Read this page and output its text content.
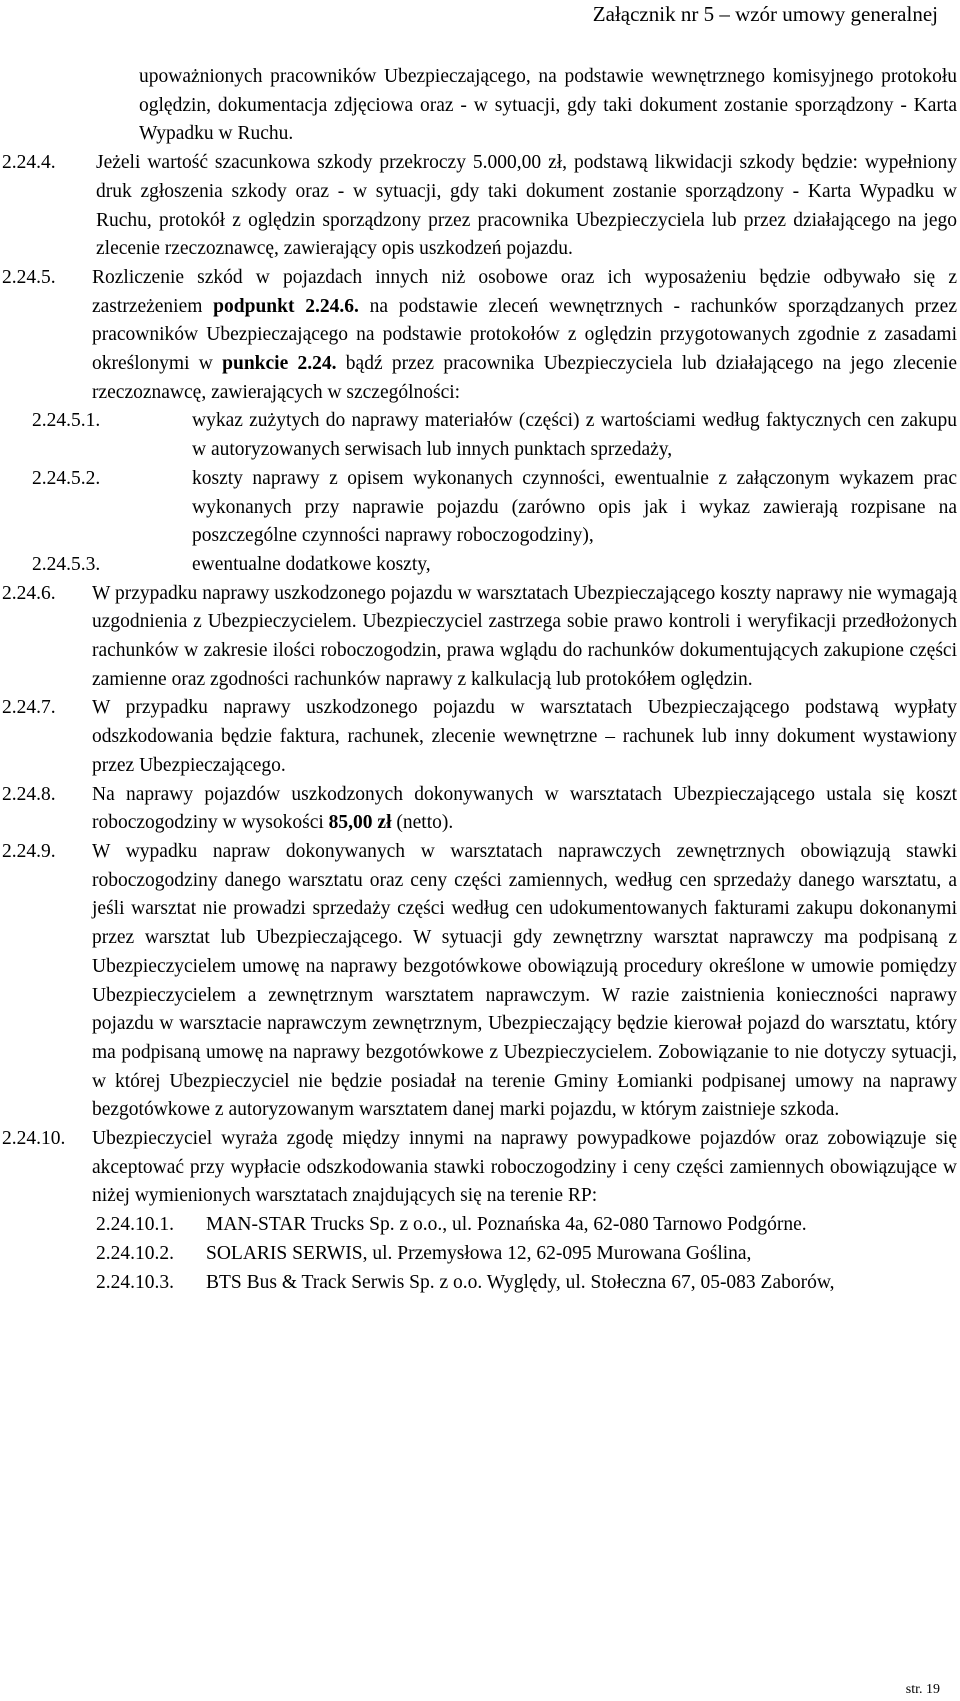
Załącznik nr 5 – wzór umowy generalnej

upoważnionych pracowników Ubezpieczającego, na podstawie wewnętrznego komisyjnego protokołu oględzin, dokumentacja zdjęciowa oraz - w sytuacji, gdy taki dokument zostanie sporządzony - Karta Wypadku w Ruchu.

2.24.4.	Jeżeli wartość szacunkowa szkody przekroczy 5.000,00 zł, podstawą likwidacji szkody będzie: wypełniony druk zgłoszenia szkody oraz - w sytuacji, gdy taki dokument zostanie sporządzony - Karta Wypadku w Ruchu, protokół z oględzin sporządzony przez pracownika Ubezpieczyciela lub przez działającego na jego zlecenie rzeczoznawcę, zawierający opis uszkodzeń pojazdu.
2.24.5.	Rozliczenie szkód w pojazdach innych niż osobowe oraz ich wyposażeniu będzie odbywało się z zastrzeżeniem podpunkt 2.24.6. na podstawie zleceń wewnętrznych - rachunków sporządzanych przez pracowników Ubezpieczającego na podstawie protokołów z oględzin przygotowanych zgodnie z zasadami określonymi w punkcie 2.24. bądź przez pracownika Ubezpieczyciela lub działającego na jego zlecenie rzeczoznawcę, zawierających w szczególności:
2.24.5.1.	wykaz zużytych do naprawy materiałów (części) z wartościami według faktycznych cen zakupu w autoryzowanych serwisach lub innych punktach sprzedaży,
2.24.5.2.	koszty naprawy z opisem wykonanych czynności, ewentualnie z załączonym wykazem prac wykonanych przy naprawie pojazdu (zarówno opis jak i wykaz zawierają rozpisane na poszczególne czynności naprawy roboczogodziny),
2.24.5.3.	ewentualne dodatkowe koszty,
2.24.6.	W przypadku naprawy uszkodzonego pojazdu w warsztatach Ubezpieczającego koszty naprawy nie wymagają uzgodnienia z Ubezpieczycielem. Ubezpieczyciel zastrzega sobie prawo kontroli i weryfikacji przedłożonych rachunków w zakresie ilości roboczogodzin, prawa wglądu do rachunków dokumentujących zakupione części zamienne oraz zgodności rachunków naprawy z kalkulacją lub protokółem oględzin.
2.24.7.	W przypadku naprawy uszkodzonego pojazdu w warsztatach Ubezpieczającego podstawą wypłaty odszkodowania będzie faktura, rachunek, zlecenie wewnętrzne – rachunek lub inny dokument wystawiony przez Ubezpieczającego.
2.24.8.	Na naprawy pojazdów uszkodzonych dokonywanych w warsztatach Ubezpieczającego ustala się koszt roboczogodziny w wysokości 85,00 zł (netto).
2.24.9.	W wypadku napraw dokonywanych w warsztatach naprawczych zewnętrznych obowiązują stawki roboczogodziny danego warsztatu oraz ceny części zamiennych, według cen sprzedaży danego warsztatu, a jeśli warsztat nie prowadzi sprzedaży części według cen udokumentowanych fakturami zakupu dokonanymi przez warsztat lub Ubezpieczającego. W sytuacji gdy zewnętrzny warsztat naprawczy ma podpisaną z Ubezpieczycielem umowę na naprawy bezgotówkowe obowiązują procedury określone w umowie pomiędzy Ubezpieczycielem a zewnętrznym warsztatem naprawczym. W razie zaistnienia konieczności naprawy pojazdu w warsztacie naprawczym zewnętrznym, Ubezpieczający będzie kierował pojazd do warsztatu, który ma podpisaną umowę na naprawy bezgotówkowe z Ubezpieczycielem. Zobowiązanie to nie dotyczy sytuacji, w której Ubezpieczyciel nie będzie posiadał na terenie Gminy Łomianki podpisanej umowy na naprawy bezgotówkowe z autoryzowanym warsztatem danej marki pojazdu, w którym zaistnieje szkoda.
2.24.10.	Ubezpieczyciel wyraża zgodę między innymi na naprawy powypadkowe pojazdów oraz zobowiązuje się akceptować przy wypłacie odszkodowania stawki roboczogodziny i ceny części zamiennych obowiązujące w niżej wymienionych warsztatach znajdujących się na terenie RP:
2.24.10.1.	MAN-STAR Trucks Sp. z o.o., ul. Poznańska 4a, 62-080 Tarnowo Podgórne.
2.24.10.2.	SOLARIS SERWIS, ul. Przemysłowa 12, 62-095 Murowana Goślina,
2.24.10.3.	BTS Bus & Track Serwis Sp. z o.o. Wyględy, ul. Stołeczna 67, 05-083 Zaborów,
str. 19
